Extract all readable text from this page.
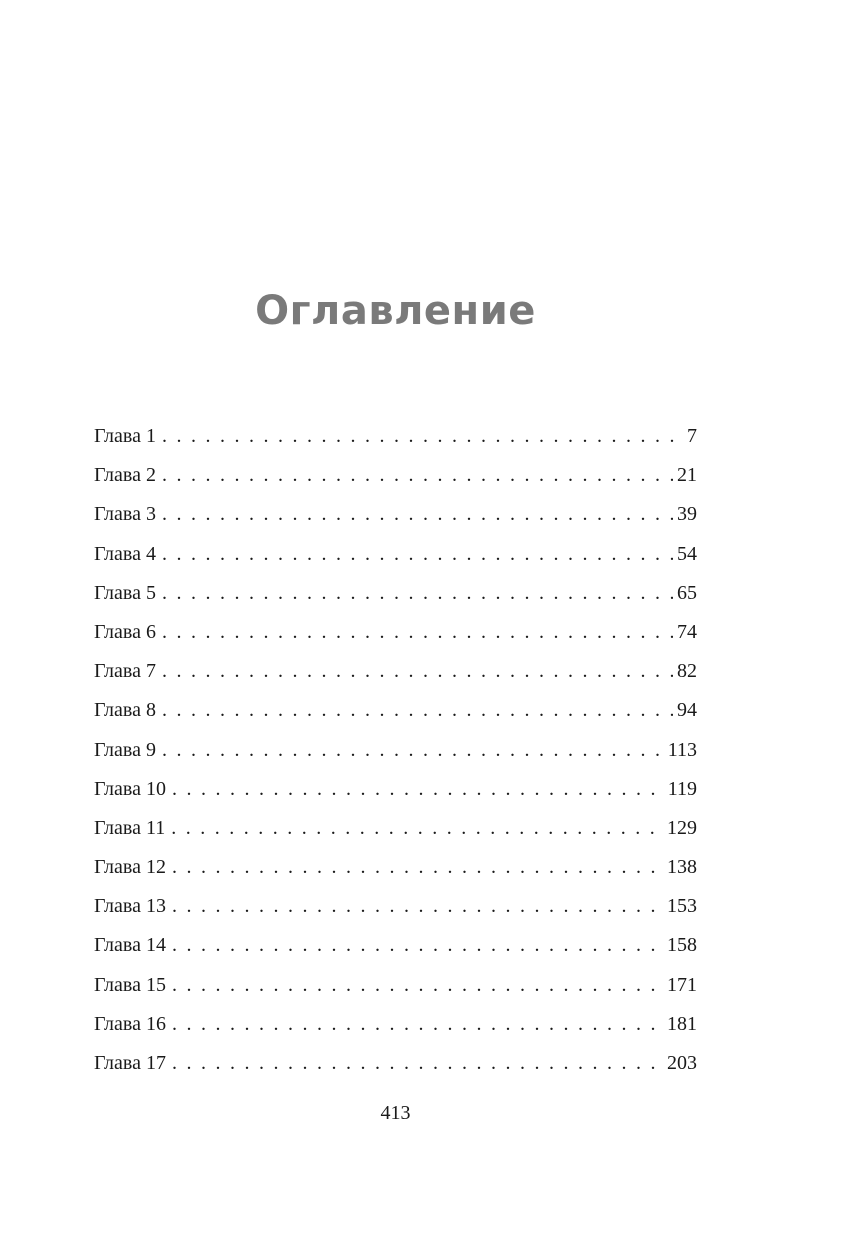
Оглавление
Глава 1 . . .	7
Глава 2 . . .	21
Глава 3 . . .	39
Глава 4 . . .	54
Глава 5 . . .	65
Глава 6 . . .	74
Глава 7 . . .	82
Глава 8 . . .	94
Глава 9 . . .	113
Глава 10 . . .	119
Глава 11 . . .	129
Глава 12 . . .	138
Глава 13 . . .	153
Глава 14 . . .	158
Глава 15 . . .	171
Глава 16 . . .	181
Глава 17 . . .	203
413
